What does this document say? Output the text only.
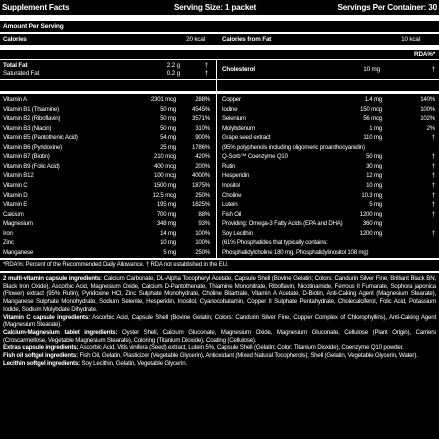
Supplement Facts	Serving Size: 1 packet	Servings Per Container: 30
Amount Per Serving
Calories	20 kcal	Calories from Fat	10 kcal
RDA%*
Total Fat	2.2 g	†
Saturated Fat	0.2 g	†
Cholesterol	10 mg	†
Vitamin A	2301 mcg	288%
Vitamin B1 (Thiamine)	50 mg	4545%
Vitamin B2 (Riboflavin)	50 mg	3571%
Vitamin B3 (Niacin)	50 mg	310%
Vitamin B5 (Pantothenic Acid)	54 mg	900%
Vitamin B6 (Pyridoxine)	25 mg	1786%
Vitamin B7 (Biotin)	210 mcg	420%
Vitamin B9 (Folic Acid)	400 mcg	200%
Vitamin B12	100 mcg	4000%
Vitamin C	1500 mg	1875%
Vitamin D	12.5 mcg	250%
Vitamin E	195 mg	1625%
Calcium	700 mg	88%
Magnesium	348 mg	93%
Iron	14 mg	100%
Zinc	10 mg	100%
Manganese	5 mg	250%
Copper	1.4 mg	140%
Iodine	150 mcg	100%
Selenium	56 mcg	102%
Molybdenum	1 mg	2%
Grape seed extract	110 mg	†
(95% polyphenols including oligomeric proanthocyanidin)
Q-Sorb™ Coenzyme Q10	50 mg	†
Rutin	30 mg	†
Hesperidin	12 mg	†
Inositol	10 mg	†
Choline	10.3 mg	†
Lutein	5 mg	†
Fish Oil	1200 mg	†
Providing: Omega-3 Fatty Acids (EPA and DHA)	360 mg
Soy Lecithin	1200 mg	†
(61% Phosphatides that typically contains:
Phosphatidylcholine 180 mg, Phosphatidylinositol 108 mg)
*RDA%: Percent of the Recommended Daily Allowance. † RDA not established in the EU.
2 multi-vitamin capsule ingredients: Calcium Carbonate, DL-Alpha Tocopheryl Acetate, Capsule Shell (Bovine Gelatin; Colors: Candurin Silver Fine, Brilliant Black BN, Black Iron Oxide), Ascorbic Acid, Magnesium Oxide, Calcium D-Pantothenate, Thiamine Mononitrate, Riboflavin, Nicotinamide, Ferrous II Fumarate, Sophora japonica (Flower) extract (95% Rutin), Pyridoxine HCl, Zinc Sulphate Monohydrate, Choline Bitartrate, Vitamin A Acetate, D-Biotin, Anti-Caking Agent (Magnesium Stearate), Manganese Sulphate Monohydrate, Sodium Selenite, Hesperidin, Inositol, Cyanocobalamin, Copper II Sulphate Pentahydrate, Cholecalciferol, Folic Acid, Potassium Iodide, Sodium Molybdate Dihydrate.
Vitamin C capsule ingredients: Ascorbic Acid, Capsule Shell (Bovine Gelatin; Colors: Candurin Silver Fine, Copper Complex of Chlorophyllins), Anti-Caking Agent (Magnesium Stearate).
Calcium-Magnesium tablet ingredients: Oyster Shell, Calcium Gluconate, Magnesium Oxide, Magnesium Gluconate, Cellulose (Plant Origin), Carriers (Croscarmellose, Vegetable Magnesium Stearate), Coloring (Titanium Dioxide), Coating (Cellulose).
Extras capsule ingredients: Ascorbic Acid, Vitis vinifera (Seed) extract, Lutein 5%, Capsule Shell (Gelatin; Color: Titanium Dioxide), Coenzyme Q10 powder.
Fish oil softgel ingredients: Fish Oil, Gelatin, Plasticizer (Vegetable Glycerin), Antioxidant (Mixed Natural Tocopherols); Shell (Gelatin, Vegetable Glycerin, Water).
Lecithin softgel ingredients: Soy Lecithin, Gelatin, Vegetable Glycerin.
